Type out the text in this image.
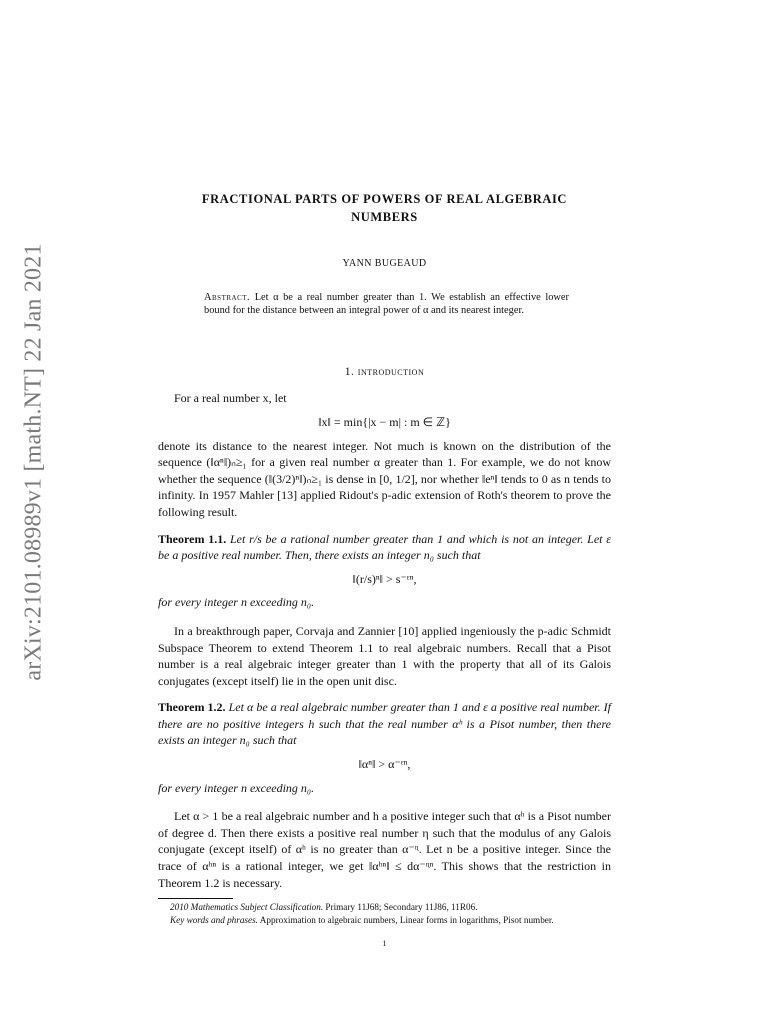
arXiv:2101.08989v1 [math.NT] 22 Jan 2021
FRACTIONAL PARTS OF POWERS OF REAL ALGEBRAIC NUMBERS
YANN BUGEAUD
Abstract. Let α be a real number greater than 1. We establish an effective lower bound for the distance between an integral power of α and its nearest integer.
1. introduction
For a real number x, let
‖x‖ = min{|x − m| : m ∈ ℤ}
denote its distance to the nearest integer. Not much is known on the distribution of the sequence (‖αⁿ‖)ₙ≥₁ for a given real number α greater than 1. For example, we do not know whether the sequence (‖(3/2)ⁿ‖)ₙ≥₁ is dense in [0, 1/2], nor whether ‖eⁿ‖ tends to 0 as n tends to infinity. In 1957 Mahler [13] applied Ridout's p-adic extension of Roth's theorem to prove the following result.
Theorem 1.1. Let r/s be a rational number greater than 1 and which is not an integer. Let ε be a positive real number. Then, there exists an integer n₀ such that
‖(r/s)ⁿ‖ > s⁻ᵋⁿ,
for every integer n exceeding n₀.
In a breakthrough paper, Corvaja and Zannier [10] applied ingeniously the p-adic Schmidt Subspace Theorem to extend Theorem 1.1 to real algebraic numbers. Recall that a Pisot number is a real algebraic integer greater than 1 with the property that all of its Galois conjugates (except itself) lie in the open unit disc.
Theorem 1.2. Let α be a real algebraic number greater than 1 and ε a positive real number. If there are no positive integers h such that the real number αʰ is a Pisot number, then there exists an integer n₀ such that
‖αⁿ‖ > α⁻ᵋⁿ,
for every integer n exceeding n₀.
Let α > 1 be a real algebraic number and h a positive integer such that αʰ is a Pisot number of degree d. Then there exists a positive real number η such that the modulus of any Galois conjugate (except itself) of αʰ is no greater than α⁻ᶯ. Let n be a positive integer. Since the trace of αʰⁿ is a rational integer, we get ‖αʰⁿ‖ ≤ dα⁻ᶯⁿ. This shows that the restriction in Theorem 1.2 is necessary.
2010 Mathematics Subject Classification. Primary 11J68; Secondary 11J86, 11R06.
Key words and phrases. Approximation to algebraic numbers, Linear forms in logarithms, Pisot number.
1
